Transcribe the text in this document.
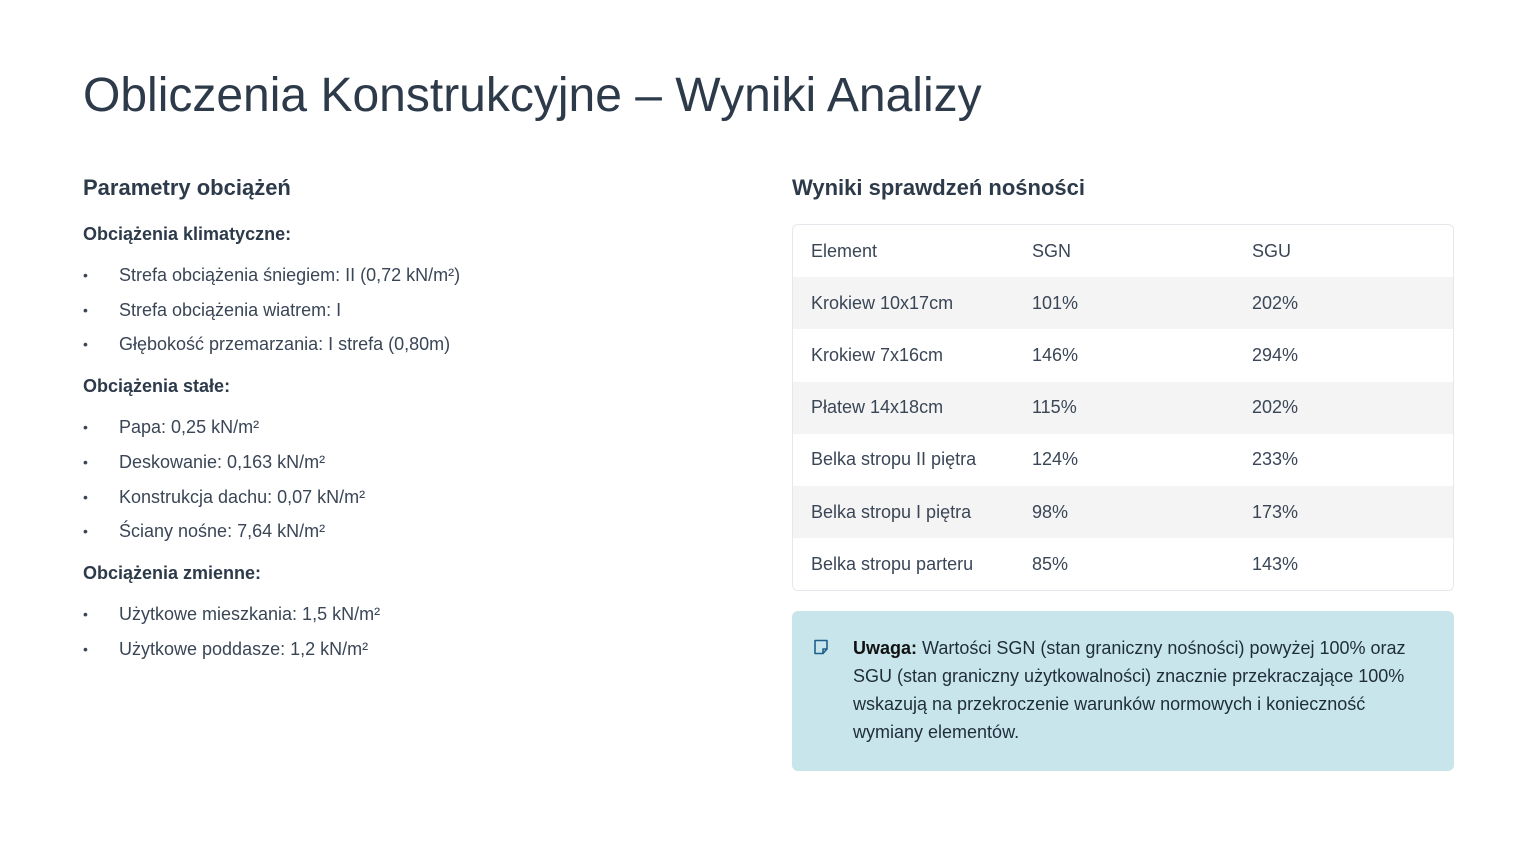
Obliczenia Konstrukcyjne – Wyniki Analizy
Parametry obciążeń
Obciążenia klimatyczne:
• Strefa obciążenia śniegiem: II (0,72 kN/m²)
• Strefa obciążenia wiatrem: I
• Głębokość przemarzania: I strefa (0,80m)
Obciążenia stałe:
• Papa: 0,25 kN/m²
• Deskowanie: 0,163 kN/m²
• Konstrukcja dachu: 0,07 kN/m²
• Ściany nośne: 7,64 kN/m²
Obciążenia zmienne:
• Użytkowe mieszkania: 1,5 kN/m²
• Użytkowe poddasze: 1,2 kN/m²
Wyniki sprawdzeń nośności
Element	SGN	SGU
Krokiew 10x17cm	101%	202%
Krokiew 7x16cm	146%	294%
Płatew 14x18cm	115%	202%
Belka stropu II piętra	124%	233%
Belka stropu I piętra	98%	173%
Belka stropu parteru	85%	143%
Uwaga: Wartości SGN (stan graniczny nośności) powyżej 100% oraz SGU (stan graniczny użytkowalności) znacznie przekraczające 100% wskazują na przekroczenie warunków normowych i konieczność wymiany elementów.
